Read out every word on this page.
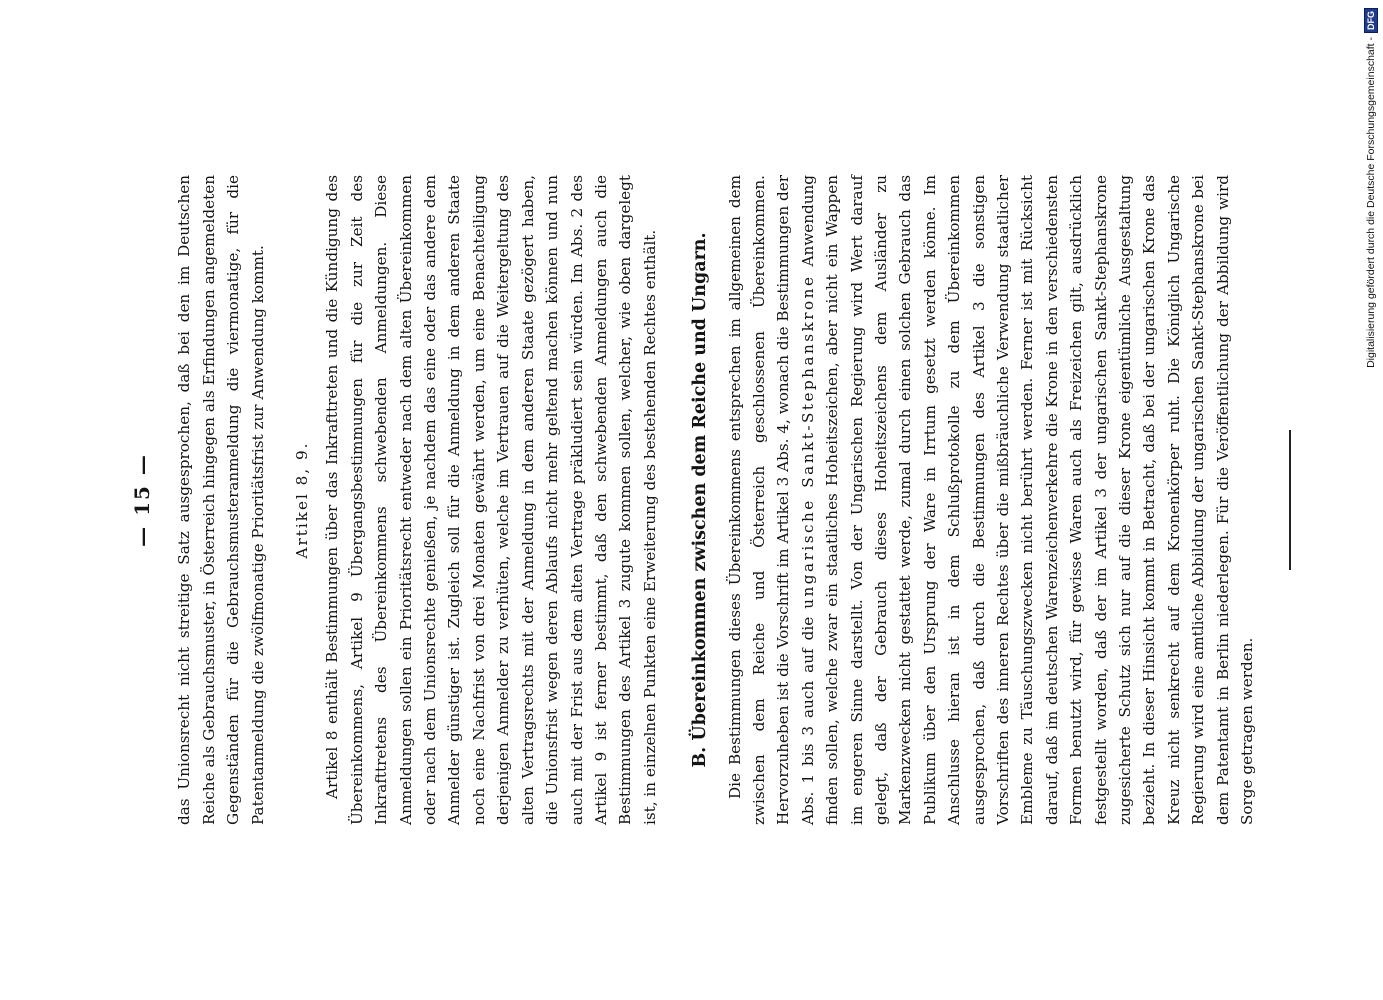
— 15 — das Unionsrecht nicht streitige Satz ausgesprochen, daß bei den im Deutschen Reiche als Gebrauchsmuster, in Österreich hingegen als Erfindungen angemeldeten Gegenständen für die Gebrauchsmusteranmeldung die viermonatige, für die Patentanmeldung die zwölfmonatige Prioritätsfrist zur Anwendung kommt. Artikel 8, 9. Artikel 8 enthält Bestimmungen über das Inkrafttreten und die Kündigung des Übereinkommens, Artikel 9 Übergangsbestimmungen für die zur Zeit des Inkrafttretens des Übereinkommens schwebenden Anmeldungen. Diese Anmeldungen sollen ein Prioritätsrecht entweder nach dem alten Übereinkommen oder nach dem Unionsrechte genießen, je nachdem das eine oder das andere dem Anmelder günstiger ist. Zugleich soll für die Anmeldung in dem anderen Staate noch eine Nachfrist von drei Monaten gewährt werden, um eine Benachteiligung derjenigen Anmelder zu verhüten, welche im Vertrauen auf die Weitergeltung des alten Vertragsrechts mit der Anmeldung in dem anderen Staate gezögert haben, die Unionsfrist wegen deren Ablaufs nicht mehr geltend machen können und nun auch mit der Frist aus dem alten Vertrage präkludiert sein würden. Im Abs. 2 des Artikel 9 ist ferner bestimmt, daß den schwebenden Anmeldungen auch die Bestimmungen des Artikel 3 zugute kommen sollen, welcher, wie oben dargelegt ist, in einzelnen Punkten eine Erweiterung des bestehenden Rechtes enthält. B. Übereinkommen zwischen dem Reiche und Ungarn. Die Bestimmungen dieses Übereinkommens entsprechen im allgemeinen dem zwischen dem Reiche und Österreich geschlossenen Übereinkommen. Hervorzuheben ist die Vorschrift im Artikel 3 Abs. 4, wonach die Bestimmungen der Abs. 1 bis 3 auch auf die ungarische Sankt-Stephanskrone Anwendung finden sollen, welche zwar ein staatliches Hoheitszeichen, aber nicht ein Wappen im engeren Sinne darstellt. Von der Ungarischen Regierung wird Wert darauf gelegt, daß der Gebrauch dieses Hoheitszeichens dem Ausländer zu Markenzwecken nicht gestattet werde, zumal durch einen solchen Gebrauch das Publikum über den Ursprung der Ware in Irrtum gesetzt werden könne. Im Anschlusse hieran ist in dem Schlußprotokolle zu dem Übereinkommen ausgesprochen, daß durch die Bestimmungen des Artikel 3 die sonstigen Vorschriften des inneren Rechtes über die mißbräuchliche Verwendung staatlicher Embleme zu Täuschungszwecken nicht berührt werden. Ferner ist mit Rücksicht darauf, daß im deutschen Warenzeichenverkehre die Krone in den verschiedensten Formen benutzt wird, für gewisse Waren auch als Freizeichen gilt, ausdrücklich festgestellt worden, daß der im Artikel 3 der ungarischen Sankt-Stephanskrone zugesicherte Schutz sich nur auf die dieser Krone eigentümliche Ausgestaltung bezieht. In dieser Hinsicht kommt in Betracht, daß bei der ungarischen Krone das Kreuz nicht senkrecht auf dem Kronenkörper ruht. Die Königlich Ungarische Regierung wird eine amtliche Abbildung der ungarischen Sankt-Stephanskrone bei dem Patentamt in Berlin niederlegen. Für die Veröffentlichung der Abbildung wird Sorge getragen werden.

Digitalisierung gefördert durch die Deutsche Forschungsgemeinschaft -
DFG
